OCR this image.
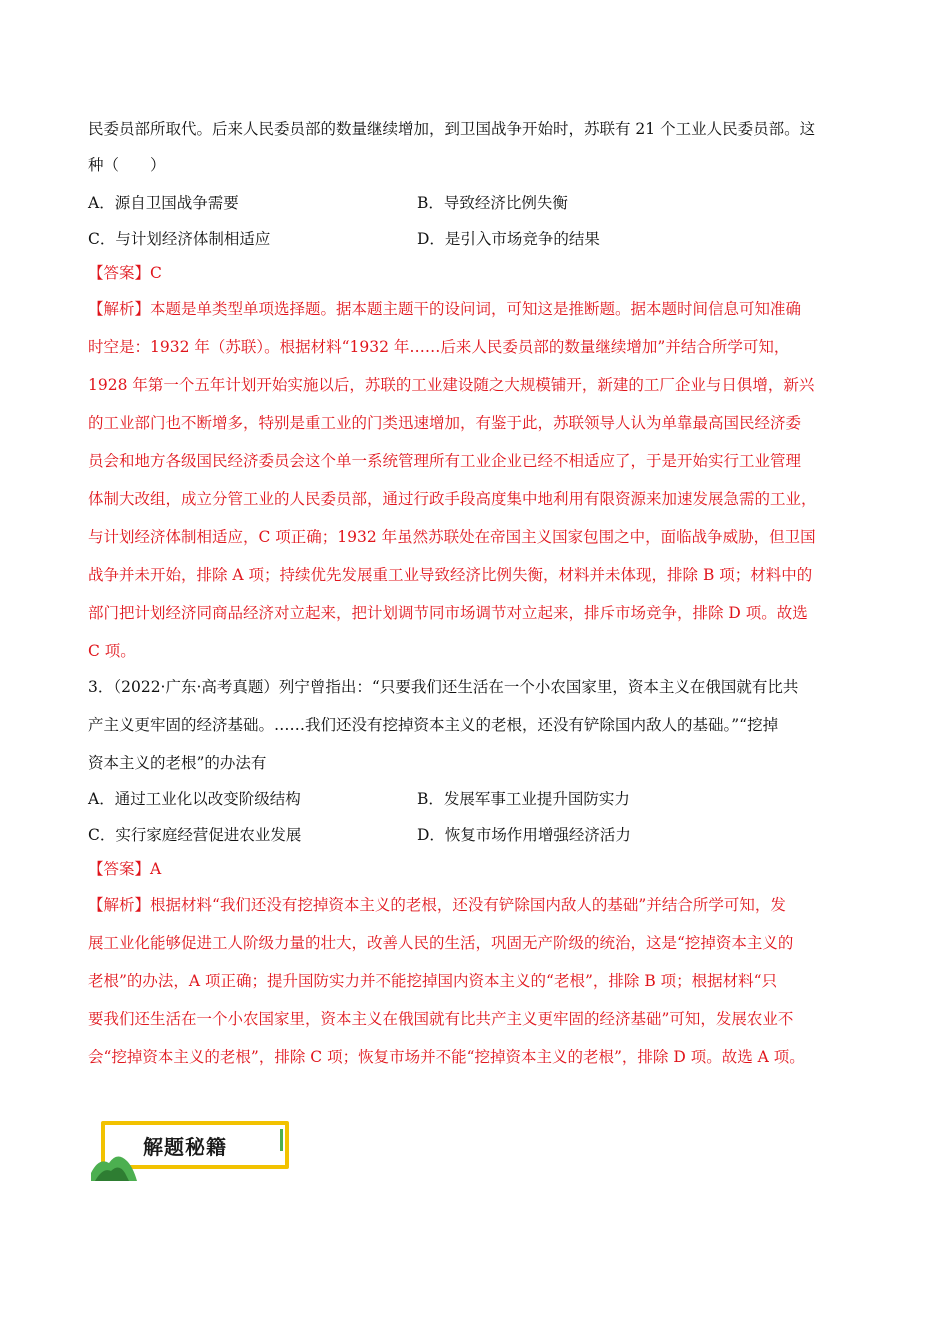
民委员部所取代。后来人民委员部的数量继续增加，到卫国战争开始时，苏联有 21 个工业人民委员部。这
种（　　）
A．源自卫国战争需要	B．导致经济比例失衡
C．与计划经济体制相适应	D．是引入市场竞争的结果
【答案】C
【解析】本题是单类型单项选择题。据本题主题干的设问词，可知这是推断题。据本题时间信息可知准确
时空是：1932 年（苏联）。根据材料“1932 年……后来人民委员部的数量继续增加”并结合所学可知，
1928 年第一个五年计划开始实施以后，苏联的工业建设随之大规模铺开，新建的工厂企业与日俱增，新兴
的工业部门也不断增多，特别是重工业的门类迅速增加，有鉴于此，苏联领导人认为单靠最高国民经济委
员会和地方各级国民经济委员会这个单一系统管理所有工业企业已经不相适应了，于是开始实行工业管理
体制大改组，成立分管工业的人民委员部，通过行政手段高度集中地利用有限资源来加速发展急需的工业，
与计划经济体制相适应，C 项正确；1932 年虽然苏联处在帝国主义国家包围之中，面临战争威胁，但卫国
战争并未开始，排除 A 项；持续优先发展重工业导致经济比例失衡，材料并未体现，排除 B 项；材料中的
部门把计划经济同商品经济对立起来，把计划调节同市场调节对立起来，排斥市场竞争，排除 D 项。故选
C 项。
3．（2022·广东·高考真题）列宁曾指出：“只要我们还生活在一个小农国家里，资本主义在俄国就有比共
产主义更牢固的经济基础。……我们还没有挖掉资本主义的老根，还没有铲除国内敌人的基础。”“挖掉
资本主义的老根”的办法有
A．通过工业化以改变阶级结构	B．发展军事工业提升国防实力
C．实行家庭经营促进农业发展	D．恢复市场作用增强经济活力
【答案】A
【解析】根据材料“我们还没有挖掉资本主义的老根，还没有铲除国内敌人的基础”并结合所学可知，发
展工业化能够促进工人阶级力量的壮大，改善人民的生活，巩固无产阶级的统治，这是“挖掉资本主义的
老根”的办法，A 项正确；提升国防实力并不能挖掉国内资本主义的“老根”，排除 B 项；根据材料“只
要我们还生活在一个小农国家里，资本主义在俄国就有比共产主义更牢固的经济基础”可知，发展农业不
会“挖掉资本主义的老根”，排除 C 项；恢复市场并不能“挖掉资本主义的老根”，排除 D 项。故选 A 项。
解题秘籍
